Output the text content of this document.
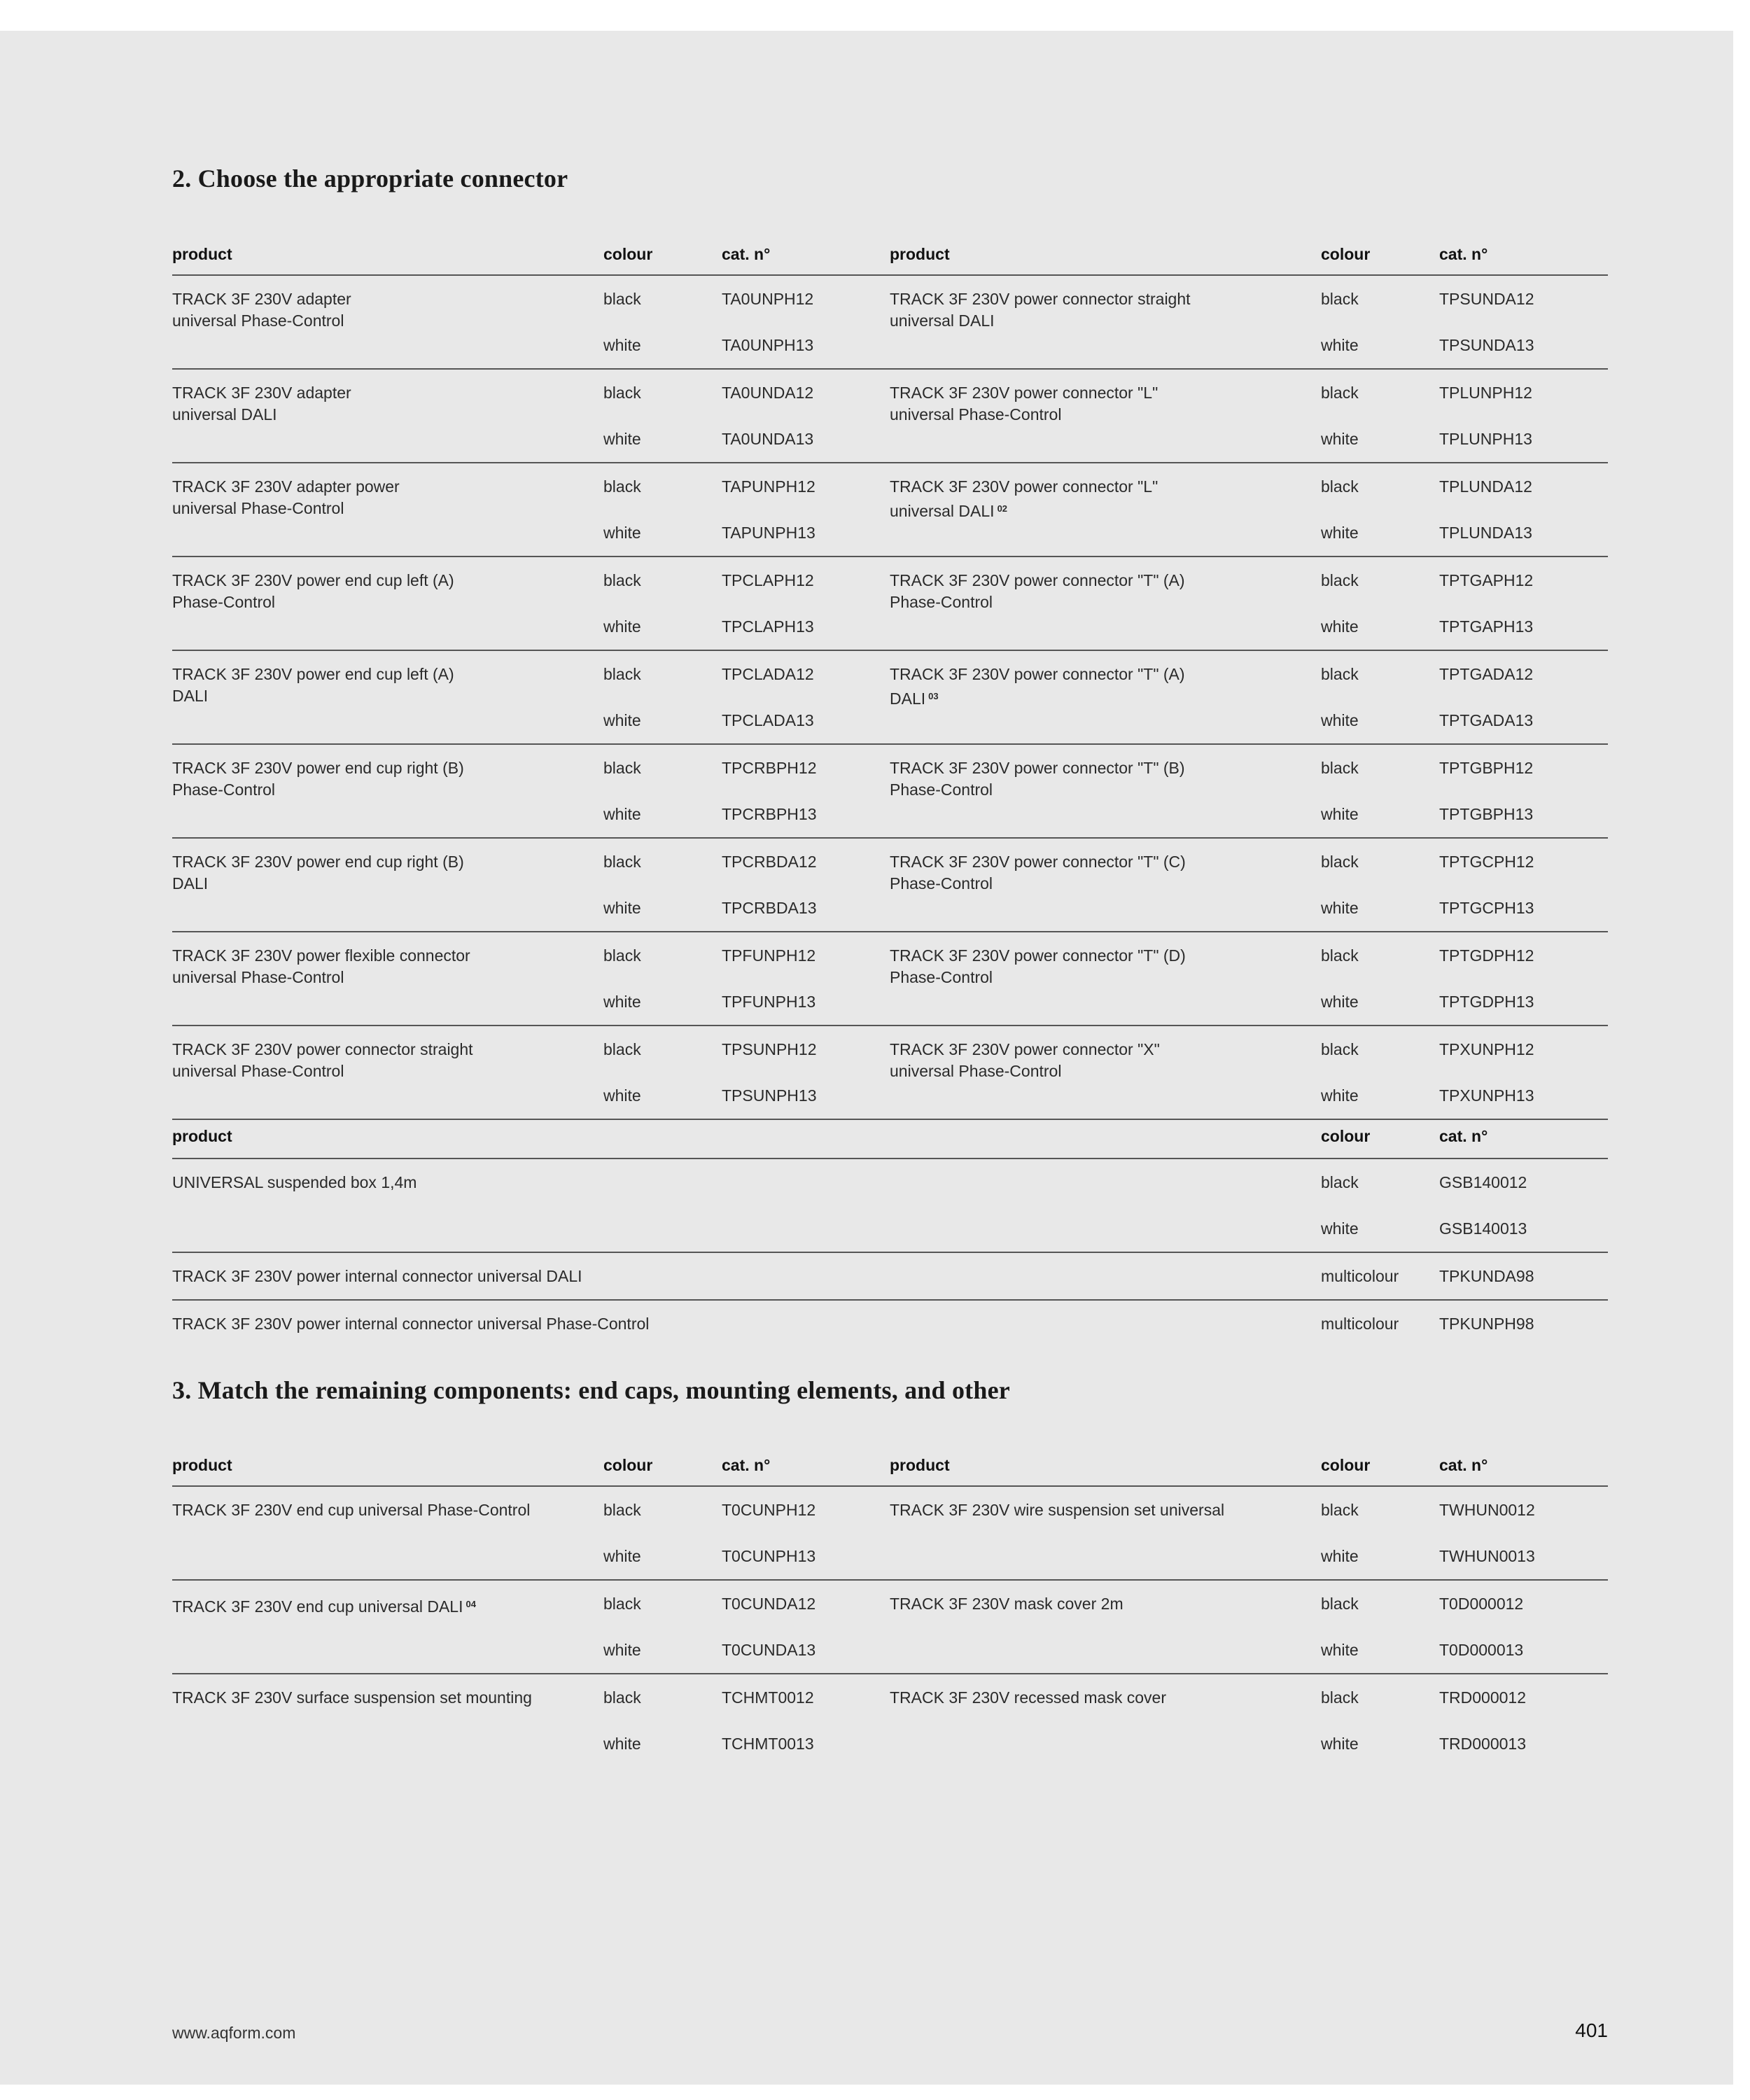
2. Choose the appropriate connector
product	colour	cat. n°	product	colour	cat. n°
TRACK 3F 230V adapter
universal Phase-Control
black	TA0UNPH12
white	TA0UNPH13
TRACK 3F 230V power connector straight
universal DALI
black	TPSUNDA12
white	TPSUNDA13
TRACK 3F 230V adapter
universal DALI
black	TA0UNDA12
white	TA0UNDA13
TRACK 3F 230V power connector "L"
universal Phase-Control
black	TPLUNPH12
white	TPLUNPH13
TRACK 3F 230V adapter power
universal Phase-Control
black	TAPUNPH12
white	TAPUNPH13
TRACK 3F 230V power connector "L"
universal DALI $^{02}$
black	TPLUNDA12
white	TPLUNDA13
TRACK 3F 230V power end cup left (A)
Phase-Control
black	TPCLAPH12
white	TPCLAPH13
TRACK 3F 230V power connector "T" (A)
Phase-Control
black	TPTGAPH12
white	TPTGAPH13
TRACK 3F 230V power end cup left (A)
DALI
black	TPCLADA12
white	TPCLADA13
TRACK 3F 230V power connector "T" (A)
DALI $^{03}$
black	TPTGADA12
white	TPTGADA13
TRACK 3F 230V power end cup right (B)
Phase-Control
black	TPCRBPH12
white	TPCRBPH13
TRACK 3F 230V power connector "T" (B)
Phase-Control
black	TPTGBPH12
white	TPTGBPH13
TRACK 3F 230V power end cup right (B)
DALI
black	TPCRBDA12
white	TPCRBDA13
TRACK 3F 230V power connector "T" (C)
Phase-Control
black	TPTGCPH12
white	TPTGCPH13
TRACK 3F 230V power flexible connector
universal Phase-Control
black	TPFUNPH12
white	TPFUNPH13
TRACK 3F 230V power connector "T" (D)
Phase-Control
black	TPTGDPH12
white	TPTGDPH13
TRACK 3F 230V power connector straight
universal Phase-Control
black	TPSUNPH12
white	TPSUNPH13
TRACK 3F 230V power connector "X"
universal Phase-Control
black	TPXUNPH12
white	TPXUNPH13
product	colour	cat. n°
UNIVERSAL suspended box 1,4m	black	GSB140012
white	GSB140013
TRACK 3F 230V power internal connector universal DALI	multicolour	TPKUNDA98
TRACK 3F 230V power internal connector universal Phase-Control	multicolour	TPKUNPH98
3. Match the remaining components: end caps, mounting elements, and other
product	colour	cat. n°	product	colour	cat. n°
TRACK 3F 230V end cup universal Phase-Control	black	T0CUNPH12
white	T0CUNPH13
TRACK 3F 230V wire suspension set universal	black	TWHUN0012
white	TWHUN0013
TRACK 3F 230V end cup universal DALI $^{04}$	black	T0CUNDA12
white	T0CUNDA13
TRACK 3F 230V mask cover 2m	black	T0D000012
white	T0D000013
TRACK 3F 230V surface suspension set mounting	black	TCHMT0012
white	TCHMT0013
TRACK 3F 230V recessed mask cover	black	TRD000012
white	TRD000013
www.aqform.com	401
